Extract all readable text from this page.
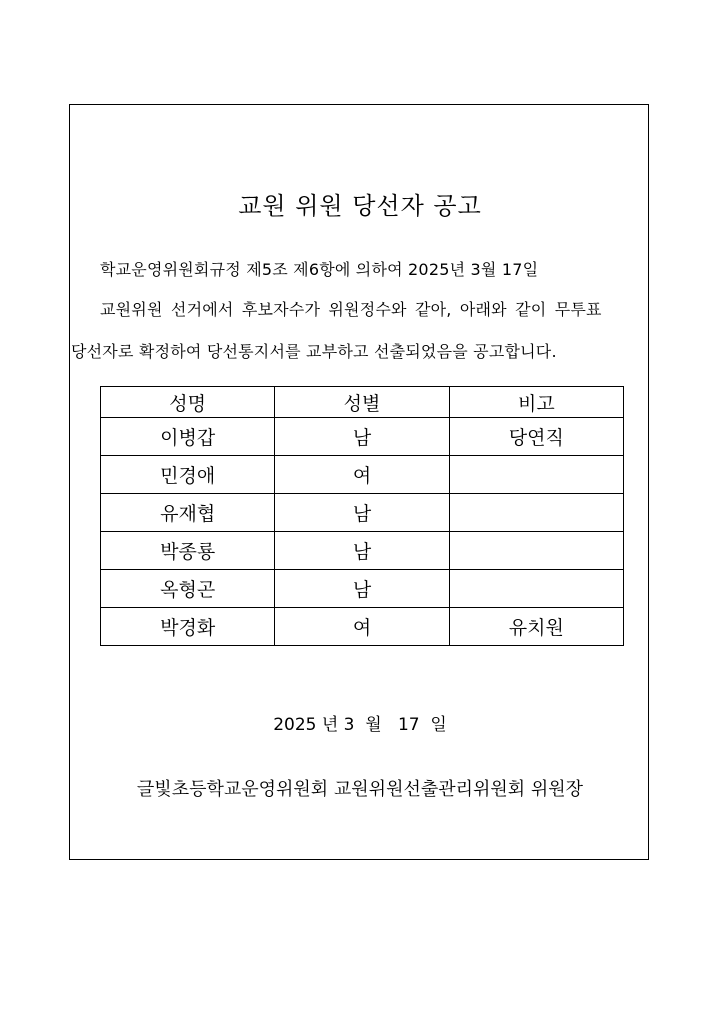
교원 위원 당선자 공고
학교운영위원회규정 제5조 제6항에 의하여 2025년 3월 17일
교원위원 선거에서 후보자수가 위원정수와 같아, 아래와 같이 무투표
당선자로 확정하여 당선통지서를 교부하고 선출되었음을 공고합니다.
성명	성별	비고
이병갑	남	당연직
민경애	여	
유재협	남	
박종룡	남	
옥형곤	남	
박경화	여	유치원
2025 년 3  월   17  일
글빛초등학교운영위원회 교원위원선출관리위원회 위원장
